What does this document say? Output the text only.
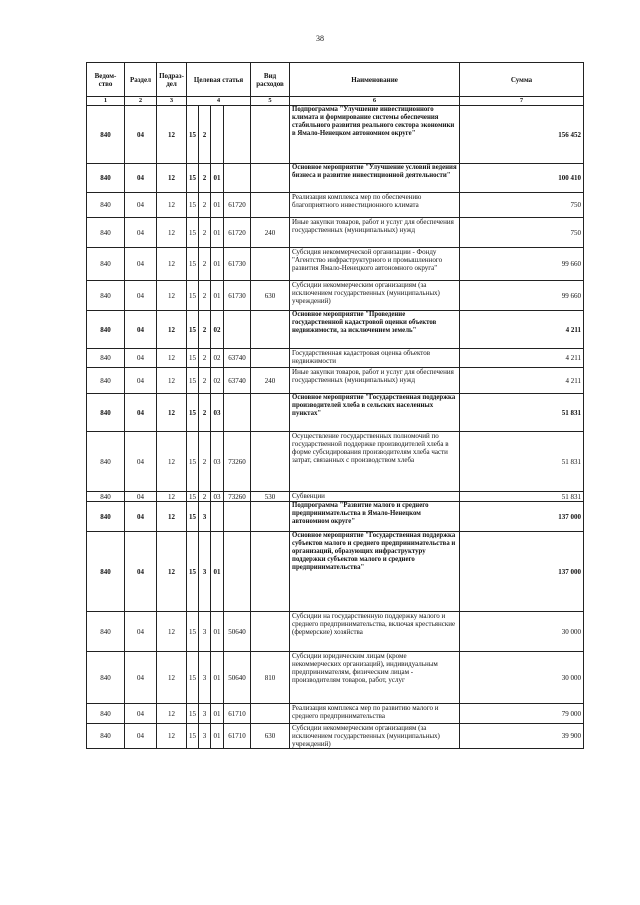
38
Ведом-ство	Раздел	Подраз-дел	Целевая статья				Вид расходов	Наименование	Сумма
1	2	3	4				5	6	7
840	04	12	15	2				Подпрограмма "Улучшение инвестиционного климата и формирование системы обеспечения стабильного развития реального сектора экономики в Ямало-Ненецком автономном округе"	156 452
840	04	12	15	2	01			Основное мероприятие "Улучшение условий ведения бизнеса и развитие инвестиционной деятельности"	100 410
840	04	12	15	2	01	61720		Реализация комплекса мер по обеспечению благоприятного инвестиционного климата	750
840	04	12	15	2	01	61720	240	Иные закупки товаров, работ и услуг для обеспечения государственных (муниципальных) нужд	750
840	04	12	15	2	01	61730		Субсидия некоммерческой организации - Фонду "Агентство инфраструктурного и промышленного развития Ямало-Ненецкого автономного округа"	99 660
840	04	12	15	2	01	61730	630	Субсидии некоммерческим организациям (за исключением государственных (муниципальных) учреждений)	99 660
840	04	12	15	2	02			Основное мероприятие "Проведение государственной кадастровой оценки объектов недвижимости, за исключением земель"	4 211
840	04	12	15	2	02	63740		Государственная кадастровая оценка объектов недвижимости	4 211
840	04	12	15	2	02	63740	240	Иные закупки товаров, работ и услуг для обеспечения государственных (муниципальных) нужд	4 211
840	04	12	15	2	03			Основное мероприятие "Государственная поддержка производителей хлеба в сельских населенных пунктах"	51 831
840	04	12	15	2	03	73260		Осуществление государственных полномочий по государственной поддержке производителей хлеба в форме субсидирования производителям хлеба части затрат, связанных с производством хлеба	51 831
840	04	12	15	2	03	73260	530	Субвенции	51 831
840	04	12	15	3				Подпрограмма "Развитие малого и среднего предпринимательства в Ямало-Ненецком автономном округе"	137 000
840	04	12	15	3	01			Основное мероприятие "Государственная поддержка субъектов малого и среднего предпринимательства и организаций, образующих инфраструктуру поддержки субъектов малого и среднего предпринимательства"	137 000
840	04	12	15	3	01	50640		Субсидии на государственную поддержку малого и среднего предпринимательства, включая крестьянские (фермерские) хозяйства	30 000
840	04	12	15	3	01	50640	810	Субсидии юридическим лицам (кроме некоммерческих организаций), индивидуальным предпринимателям, физическим лицам - производителям товаров, работ, услуг	30 000
840	04	12	15	3	01	61710		Реализация комплекса мер по развитию малого и среднего предпринимательства	79 000
840	04	12	15	3	01	61710	630	Субсидии некоммерческим организациям (за исключением государственных (муниципальных) учреждений)	39 900
